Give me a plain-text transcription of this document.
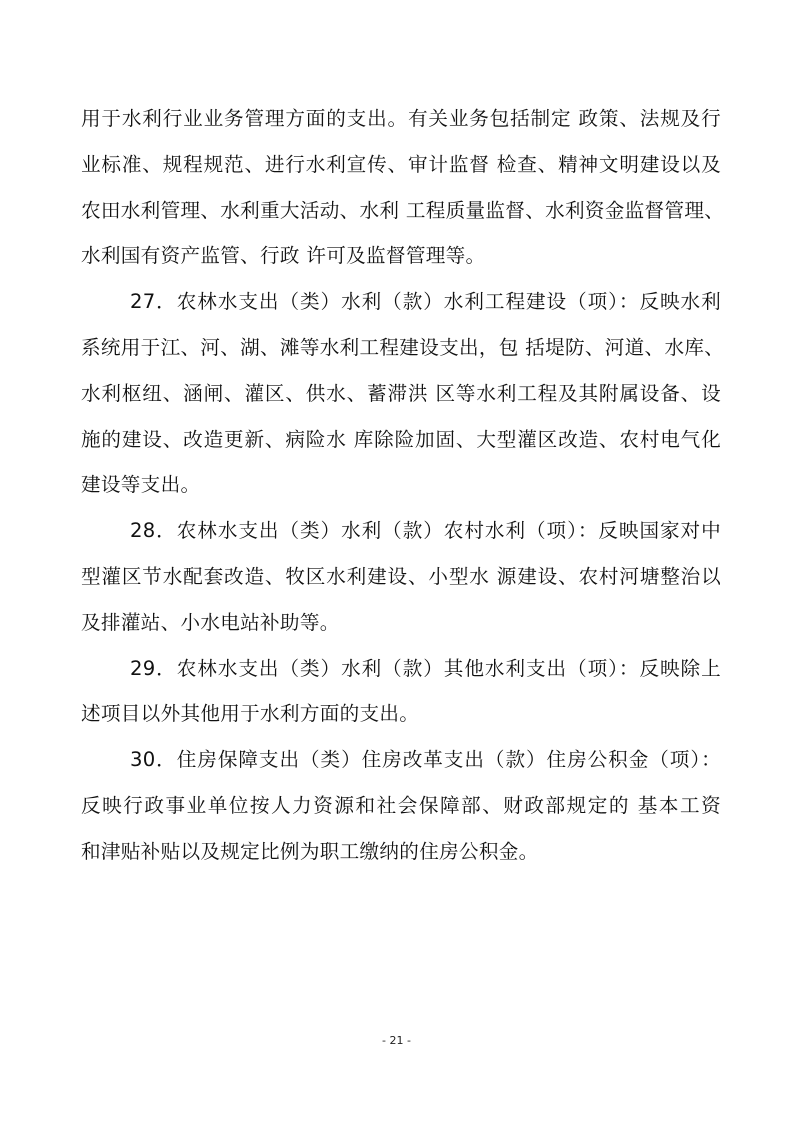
用于水利行业业务管理方面的支出。有关业务包括制定 政策、法规及行
业标准、规程规范、进行水利宣传、审计监督 检查、精神文明建设以及
农田水利管理、水利重大活动、水利 工程质量监督、水利资金监督管理、
水利国有资产监管、行政 许可及监督管理等。
27．农林水支出（类）水利（款）水利工程建设（项）：反映水利
系统用于江、河、湖、滩等水利工程建设支出，包 括堤防、河道、水库、
水利枢纽、涵闸、灌区、供水、蓄滞洪 区等水利工程及其附属设备、设
施的建设、改造更新、病险水 库除险加固、大型灌区改造、农村电气化
建设等支出。
28．农林水支出（类）水利（款）农村水利（项）：反映国家对中
型灌区节水配套改造、牧区水利建设、小型水 源建设、农村河塘整治以
及排灌站、小水电站补助等。
29．农林水支出（类）水利（款）其他水利支出（项）：反映除上
述项目以外其他用于水利方面的支出。
30．住房保障支出（类）住房改革支出（款）住房公积金（项）：
反映行政事业单位按人力资源和社会保障部、财政部规定的 基本工资
和津贴补贴以及规定比例为职工缴纳的住房公积金。
- 21 -
